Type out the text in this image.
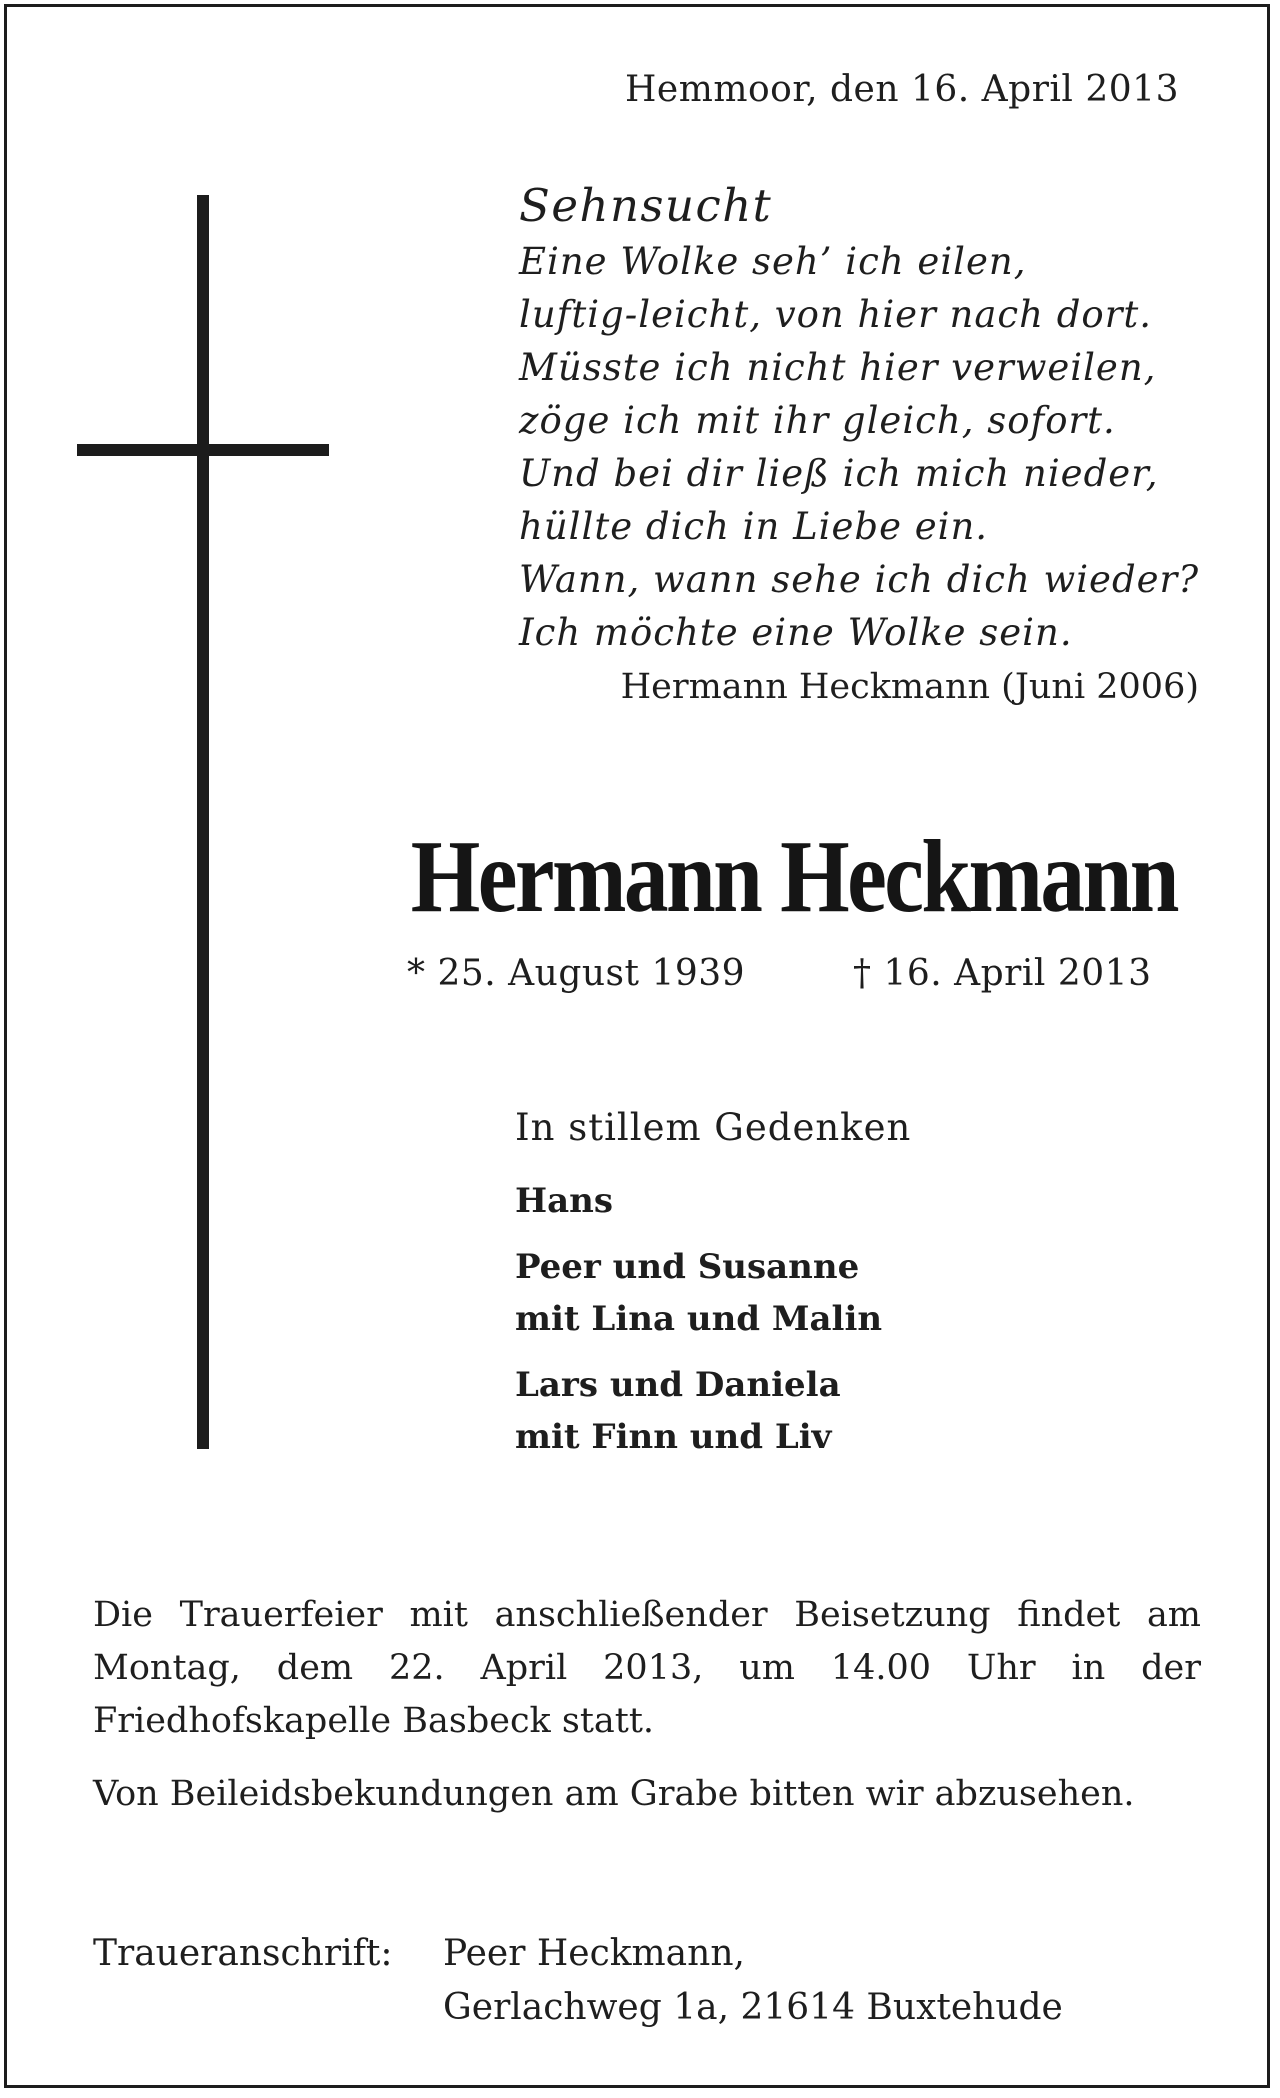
Hemmoor, den 16. April 2013
Sehnsucht
Eine Wolke seh’ ich eilen,
luftig-leicht, von hier nach dort.
Müsste ich nicht hier verweilen,
zöge ich mit ihr gleich, sofort.
Und bei dir ließ ich mich nieder,
hüllte dich in Liebe ein.
Wann, wann sehe ich dich wieder?
Ich möchte eine Wolke sein.
Hermann Heckmann (Juni 2006)
Hermann Heckmann
* 25. August 1939	† 16. April 2013
In stillem Gedenken
Hans
Peer und Susanne
mit Lina und Malin
Lars und Daniela
mit Finn und Liv

Die Trauerfeier mit anschließender Beisetzung findet am Montag, dem 22. April 2013, um 14.00 Uhr in der Friedhofskapelle Basbeck statt.

Von Beileidsbekundungen am Grabe bitten wir abzusehen.

Traueranschrift: Peer Heckmann,
Gerlachweg 1a, 21614 Buxtehude
